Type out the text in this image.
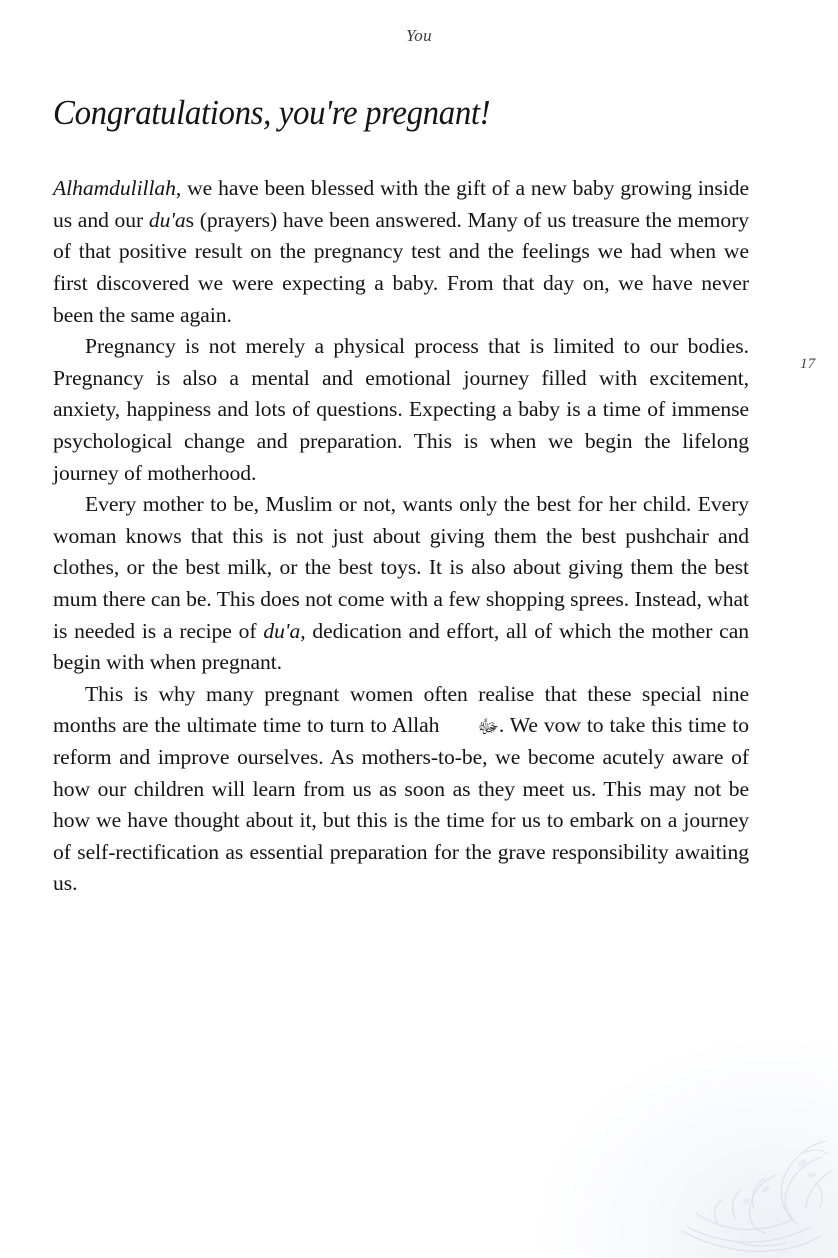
You
17
Congratulations, you're pregnant!

Alhamdulillah, we have been blessed with the gift of a new baby growing inside us and our du'as (prayers) have been answered. Many of us treasure the memory of that positive result on the pregnancy test and the feelings we had when we first discovered we were expecting a baby. From that day on, we have never been the same again.

Pregnancy is not merely a physical process that is limited to our bodies. Pregnancy is also a mental and emotional journey filled with excitement, anxiety, happiness and lots of questions. Expecting a baby is a time of immense psychological change and preparation. This is when we begin the lifelong journey of motherhood.

Every mother to be, Muslim or not, wants only the best for her child. Every woman knows that this is not just about giving them the best pushchair and clothes, or the best milk, or the best toys. It is also about giving them the best mum there can be. This does not come with a few shopping sprees. Instead, what is needed is a recipe of du'a, dedication and effort, all of which the mother can begin with when pregnant.

This is why many pregnant women often realise that these special nine months are the ultimate time to turn to Allah ﷻ. We vow to take this time to reform and improve ourselves. As mothers-to-be, we become acutely aware of how our children will learn from us as soon as they meet us. This may not be how we have thought about it, but this is the time for us to embark on a journey of self-rectification as essential preparation for the grave responsibility awaiting us.
